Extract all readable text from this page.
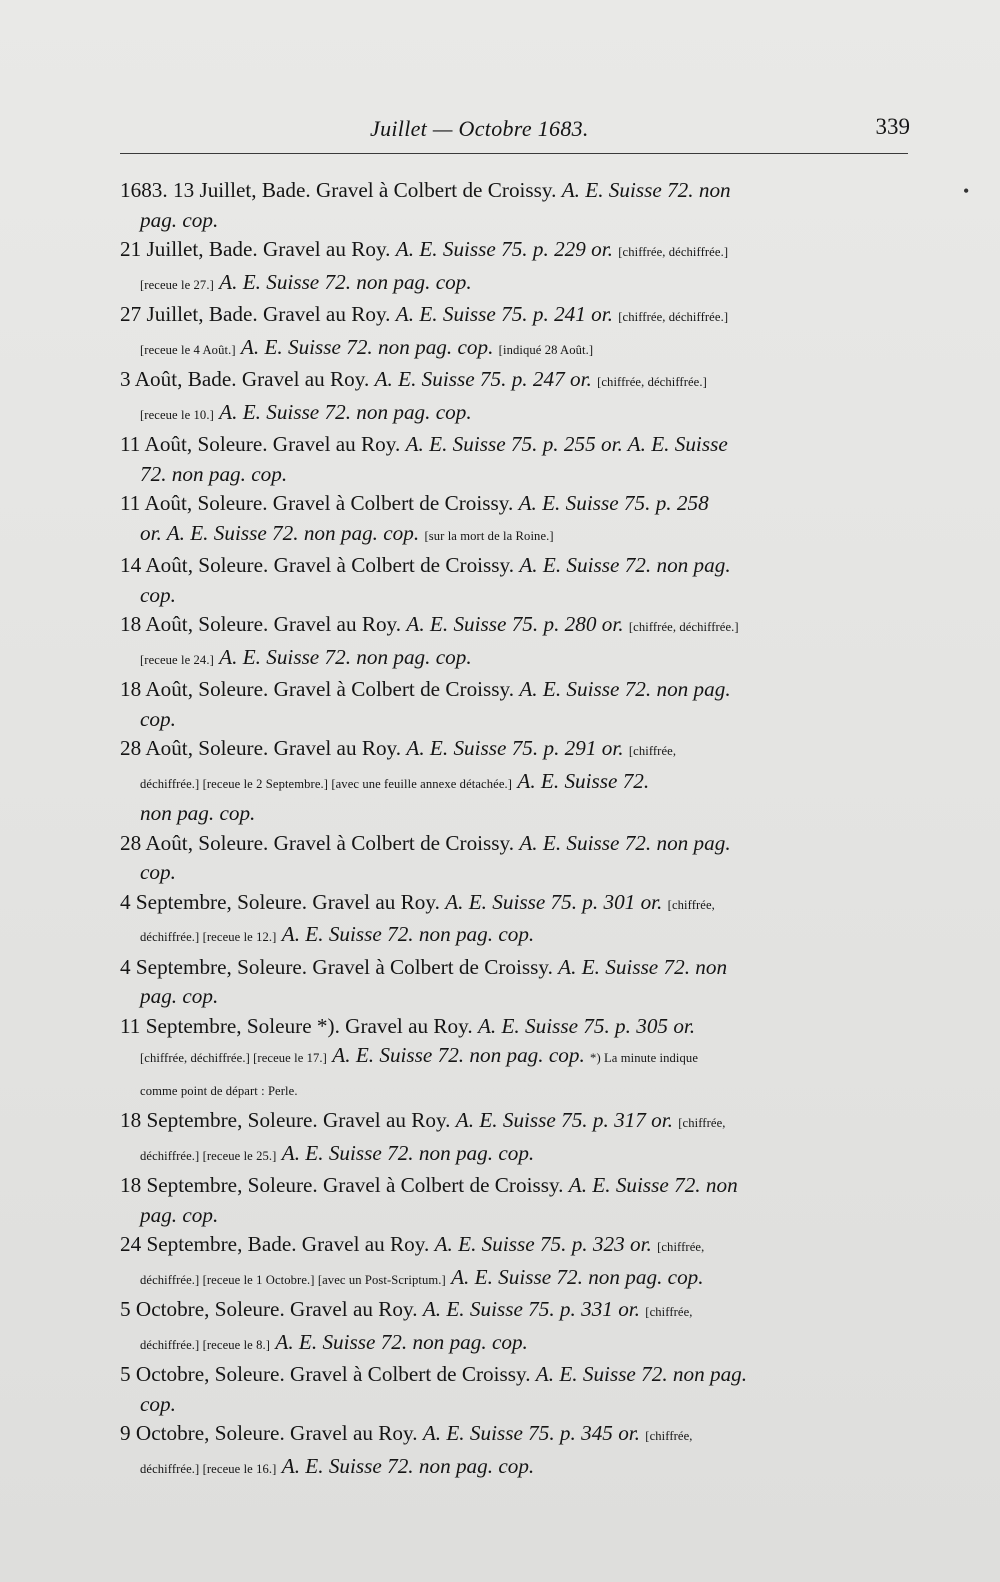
Juillet — Octobre 1683.	339
•
1683. 13 Juillet, Bade. Gravel à Colbert de Croissy. A. E. Suisse 72. non
pag. cop.
21 Juillet, Bade. Gravel au Roy. A. E. Suisse 75. p. 229 or. [chiffrée, déchiffrée.]
[receue le 27.] A. E. Suisse 72. non pag. cop.
27 Juillet, Bade. Gravel au Roy. A. E. Suisse 75. p. 241 or. [chiffrée, déchiffrée.]
[receue le 4 Août.] A. E. Suisse 72. non pag. cop. [indiqué 28 Août.]
3 Août, Bade. Gravel au Roy. A. E. Suisse 75. p. 247 or. [chiffrée, déchiffrée.]
[receue le 10.] A. E. Suisse 72. non pag. cop.
11 Août, Soleure. Gravel au Roy. A. E. Suisse 75. p. 255 or. A. E. Suisse
72. non pag. cop.
11 Août, Soleure. Gravel à Colbert de Croissy. A. E. Suisse 75. p. 258
or. A. E. Suisse 72. non pag. cop. [sur la mort de la Roine.]
14 Août, Soleure. Gravel à Colbert de Croissy. A. E. Suisse 72. non pag.
cop.
18 Août, Soleure. Gravel au Roy. A. E. Suisse 75. p. 280 or. [chiffrée, déchiffrée.]
[receue le 24.] A. E. Suisse 72. non pag. cop.
18 Août, Soleure. Gravel à Colbert de Croissy. A. E. Suisse 72. non pag.
cop.
28 Août, Soleure. Gravel au Roy. A. E. Suisse 75. p. 291 or. [chiffrée,
déchiffrée.] [receue le 2 Septembre.] [avec une feuille annexe détachée.] A. E. Suisse 72.
non pag. cop.
28 Août, Soleure. Gravel à Colbert de Croissy. A. E. Suisse 72. non pag.
cop.
4 Septembre, Soleure. Gravel au Roy. A. E. Suisse 75. p. 301 or. [chiffrée,
déchiffrée.] [receue le 12.] A. E. Suisse 72. non pag. cop.
4 Septembre, Soleure. Gravel à Colbert de Croissy. A. E. Suisse 72. non
pag. cop.
11 Septembre, Soleure *). Gravel au Roy. A. E. Suisse 75. p. 305 or.
[chiffrée, déchiffrée.] [receue le 17.] A. E. Suisse 72. non pag. cop. *) La minute indique
comme point de départ : Perle.
18 Septembre, Soleure. Gravel au Roy. A. E. Suisse 75. p. 317 or. [chiffrée,
déchiffrée.] [receue le 25.] A. E. Suisse 72. non pag. cop.
18 Septembre, Soleure. Gravel à Colbert de Croissy. A. E. Suisse 72. non
pag. cop.
24 Septembre, Bade. Gravel au Roy. A. E. Suisse 75. p. 323 or. [chiffrée,
déchiffrée.] [receue le 1 Octobre.] [avec un Post-Scriptum.] A. E. Suisse 72. non pag. cop.
5 Octobre, Soleure. Gravel au Roy. A. E. Suisse 75. p. 331 or. [chiffrée,
déchiffrée.] [receue le 8.] A. E. Suisse 72. non pag. cop.
5 Octobre, Soleure. Gravel à Colbert de Croissy. A. E. Suisse 72. non pag.
cop.
9 Octobre, Soleure. Gravel au Roy. A. E. Suisse 75. p. 345 or. [chiffrée,
déchiffrée.] [receue le 16.] A. E. Suisse 72. non pag. cop.
